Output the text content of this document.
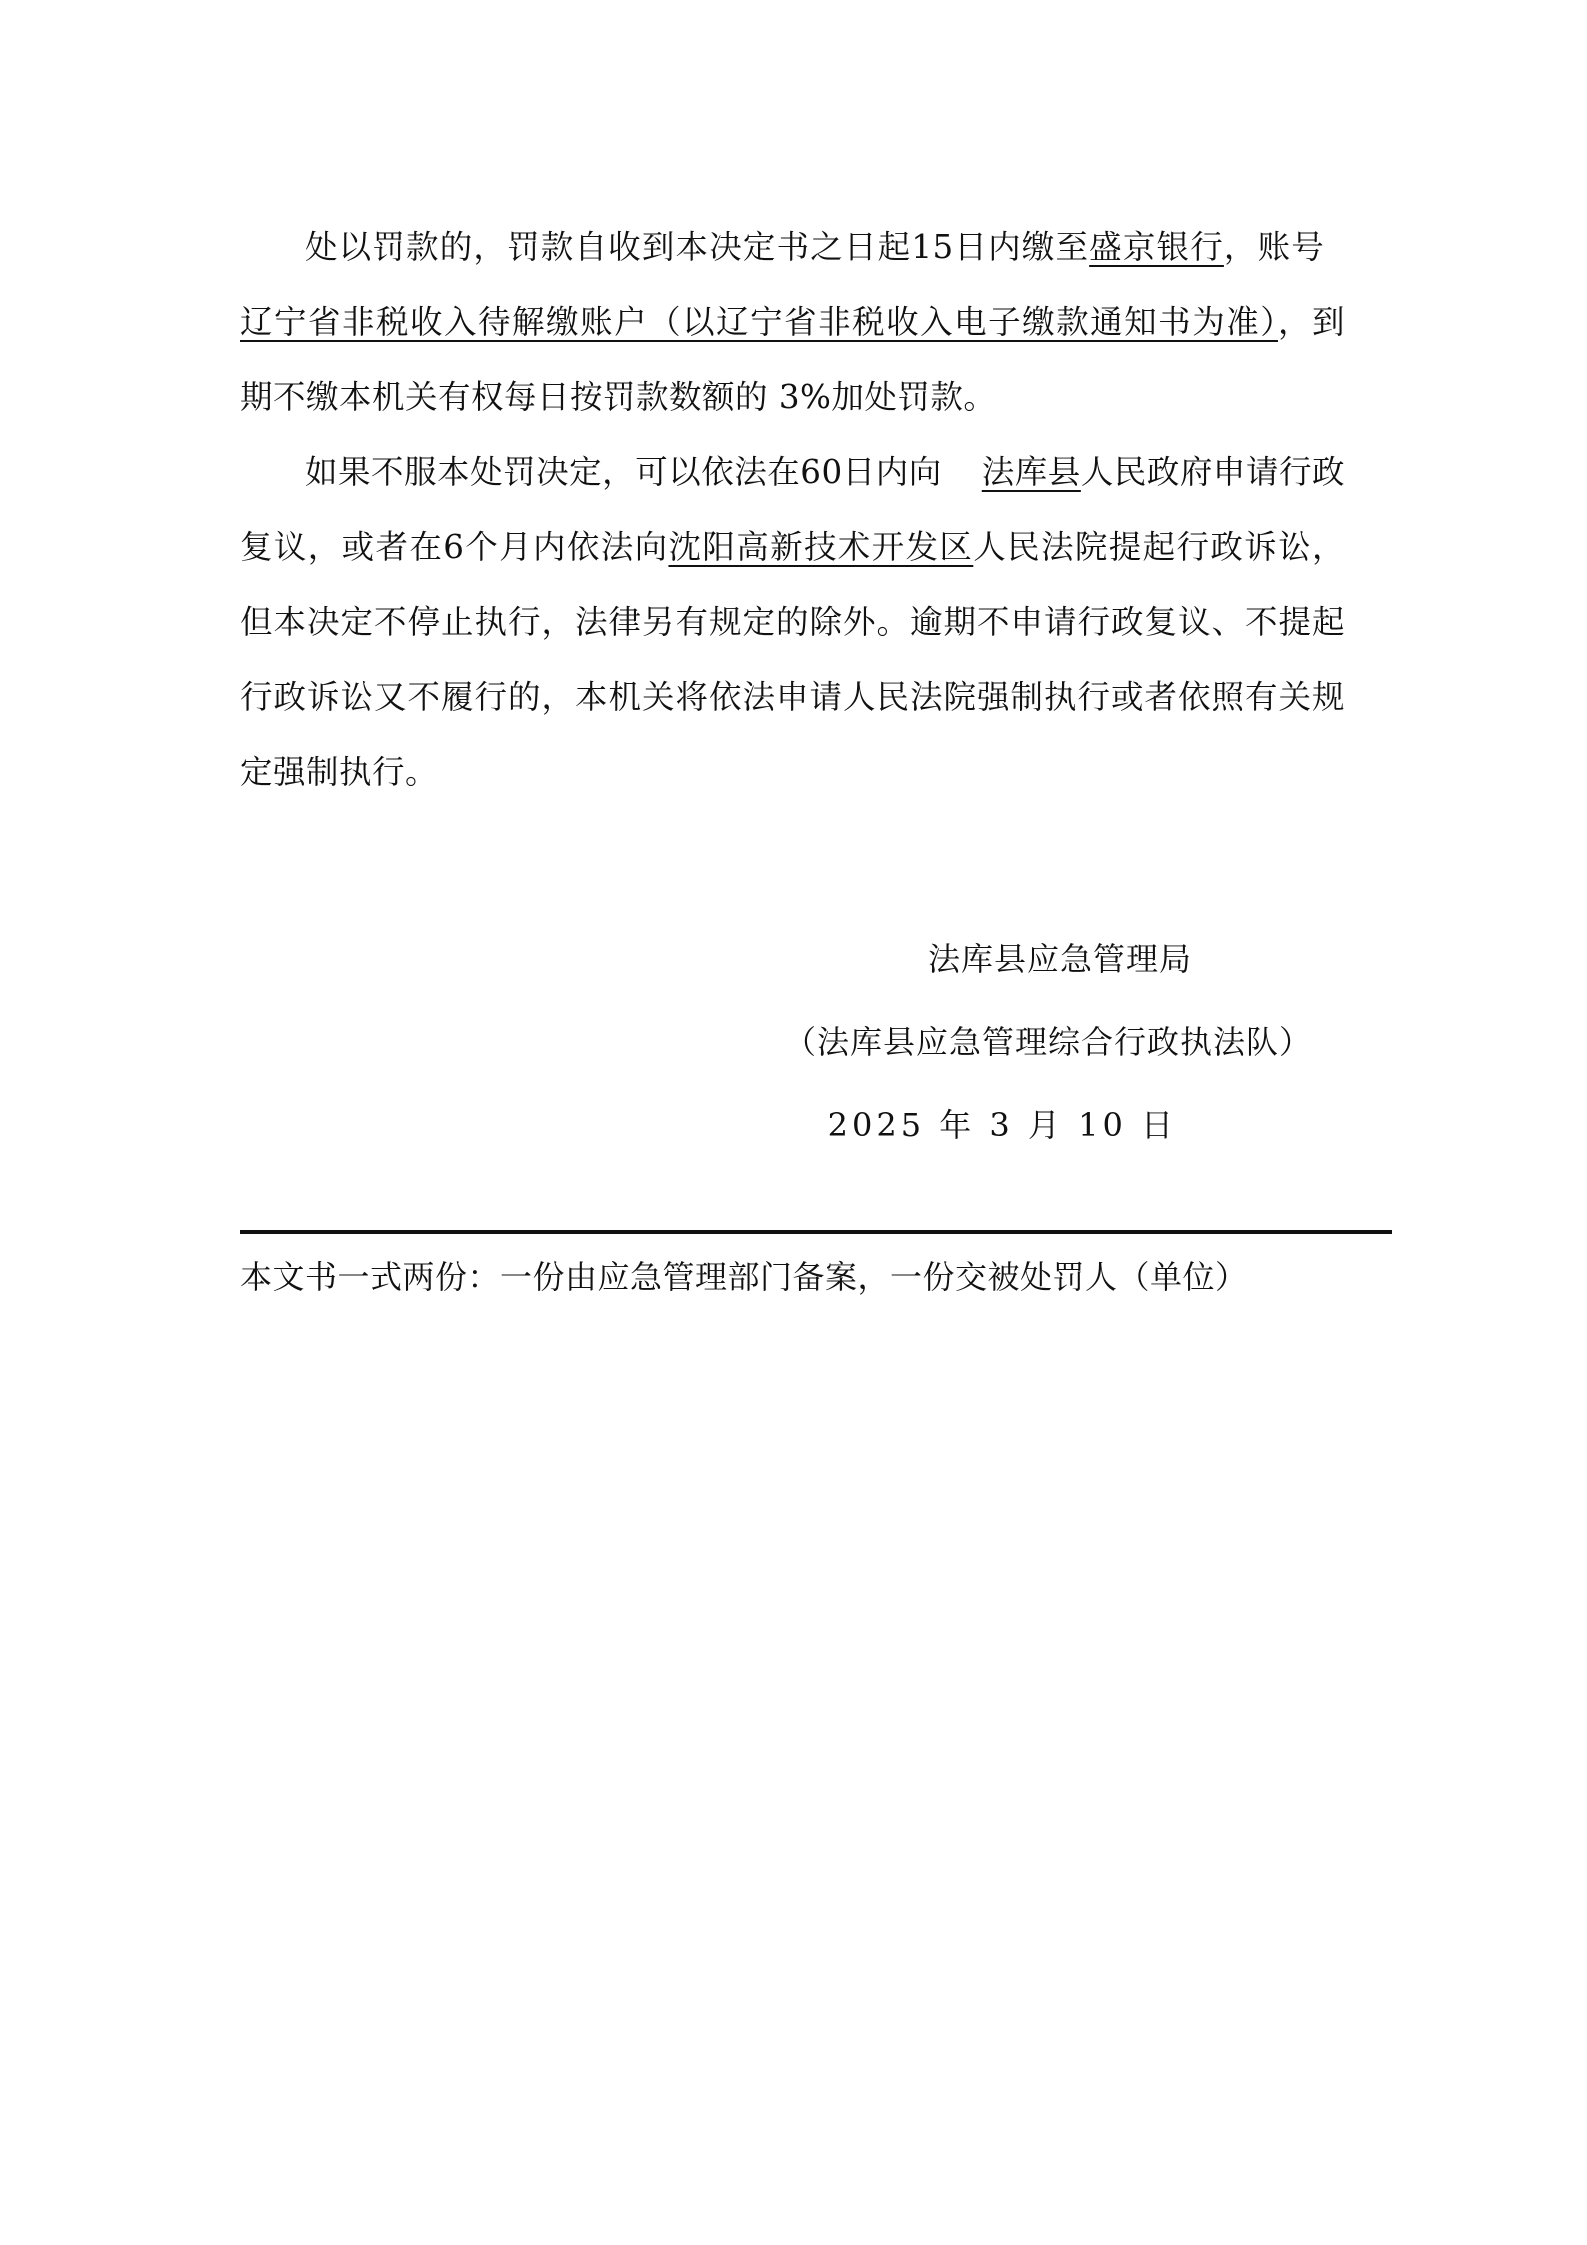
处以罚款的，罚款自收到本决定书之日起15日内缴至盛京银行，账号辽宁省非税收入待解缴账户（以辽宁省非税收入电子缴款通知书为准），到期不缴本机关有权每日按罚款数额的 3%加处罚款。

如果不服本处罚决定，可以依法在60日内向 法库县人民政府申请行政复议，或者在6个月内依法向沈阳高新技术开发区人民法院提起行政诉讼，但本决定不停止执行，法律另有规定的除外。逾期不申请行政复议、不提起行政诉讼又不履行的，本机关将依法申请人民法院强制执行或者依照有关规定强制执行。

法库县应急管理局
（法库县应急管理综合行政执法队）
2025 年 3 月 10 日
本文书一式两份：一份由应急管理部门备案，一份交被处罚人（单位）
